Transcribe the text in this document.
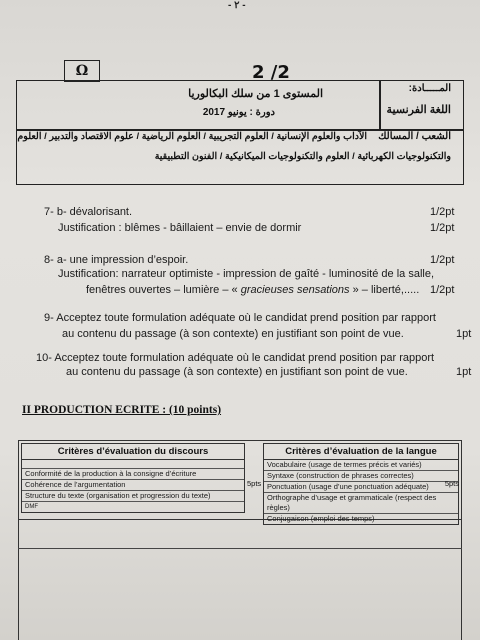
- ۲ -
Ω	2 /2
المستوى 1 من سلك البكالوريا
دورة : يونيو 2017
المـــــادة:
اللغة الفرنسية
الشعب / المسالك
الآداب والعلوم الإنسانية / العلوم التجريبية / العلوم الرياضية / علوم الاقتصاد والتدبير / العلوم
والتكنولوجيات الكهربائية / العلوم والتكنولوجيات الميكانيكية / الفنون التطبيقية
7- b- dévalorisant.	1/2pt
Justification : blêmes - bâillaient – envie de dormir	1/2pt
8- a- une impression d’espoir.	1/2pt
Justification: narrateur optimiste - impression de gaîté - luminosité de la salle,
fenêtres ouvertes – lumière – « gracieuses sensations » – liberté,..... 1/2pt
9- Acceptez toute formulation adéquate où le candidat prend position par rapport
au contenu du passage (à son contexte) en justifiant son point de vue.	1pt
10- Acceptez toute formulation adéquate où le candidat prend position par rapport
au contenu du passage (à son contexte) en justifiant son point de vue.	1pt
II PRODUCTION ECRITE : (10 points)
Critères d’évaluation du discours
Conformité de la production à la consigne d’écriture
Cohérence de l’argumentation
Structure du texte (organisation et progression du texte)
DMF
5pts
Critères d’évaluation de la langue
Vocabulaire (usage de termes précis et variés)
Syntaxe (construction de phrases correctes)
Ponctuation (usage d’une ponctuation adéquate)
Orthographe d’usage et grammaticale (respect des règles)
Conjugaison (emploi des temps)
5pts
